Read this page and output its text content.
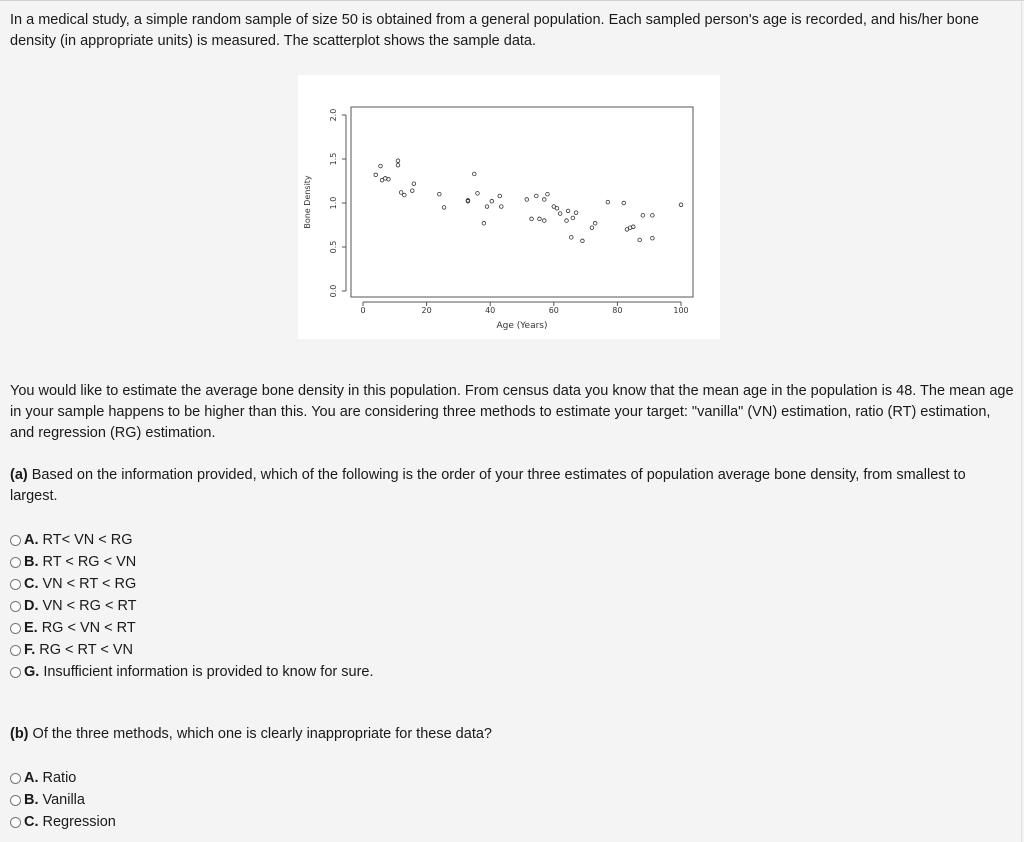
In a medical study, a simple random sample of size 50 is obtained from a general population. Each sampled person's age is recorded, and his/her bone density (in appropriate units) is measured. The scatterplot shows the sample data.

0.0
0.5
1.0
1.5
2.0
0	20	40	60	80	100
Bone Density
Age (Years)

You would like to estimate the average bone density in this population. From census data you know that the mean age in the population is 48. The mean age in your sample happens to be higher than this. You are considering three methods to estimate your target: "vanilla" (VN) estimation, ratio (RT) estimation, and regression (RG) estimation.

(a) Based on the information provided, which of the following is the order of your three estimates of population average bone density, from smallest to largest.

A. RT< VN < RG
B. RT < RG < VN
C. VN < RT < RG
D. VN < RG < RT
E. RG < VN < RT
F. RG < RT < VN
G. Insufficient information is provided to know for sure.

(b) Of the three methods, which one is clearly inappropriate for these data?

A. Ratio
B. Vanilla
C. Regression
